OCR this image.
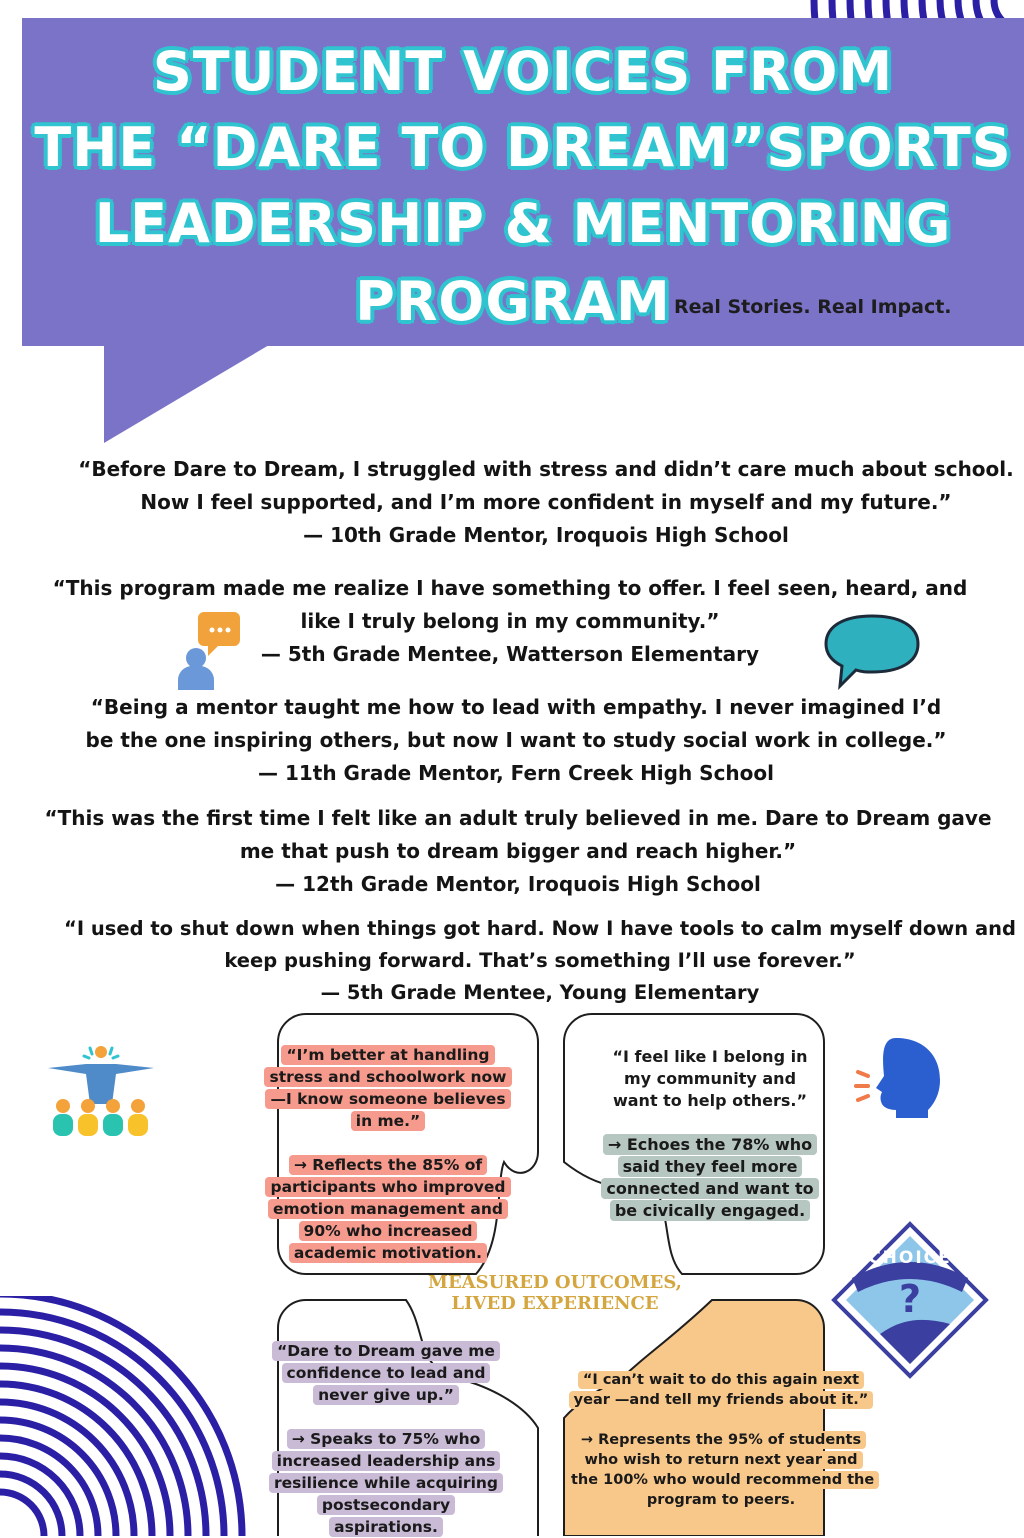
STUDENT VOICES FROM
THE “DARE TO DREAM”SPORTS
LEADERSHIP & MENTORING
PROGRAM Real Stories. Real Impact.
“Before Dare to Dream, I struggled with stress and didn’t care much about school.
Now I feel supported, and I’m more confident in myself and my future.”
— 10th Grade Mentor, Iroquois High School
“This program made me realize I have something to offer. I feel seen, heard, and
like I truly belong in my community.”
— 5th Grade Mentee, Watterson Elementary
“Being a mentor taught me how to lead with empathy. I never imagined I’d
be the one inspiring others, but now I want to study social work in college.”
— 11th Grade Mentor, Fern Creek High School
“This was the first time I felt like an adult truly believed in me. Dare to Dream gave
me that push to dream bigger and reach higher.”
— 12th Grade Mentor, Iroquois High School
“I used to shut down when things got hard. Now I have tools to calm myself down and
keep pushing forward. That’s something I’ll use forever.”
— 5th Grade Mentee, Young Elementary
“I’m better at handling stress and schoolwork now—I know someone believes in me.”
→ Reflects the 85% of participants who improved emotion management and 90% who increased academic motivation.
“I feel like I belong in my community and want to help others.”
→ Echoes the 78% who said they feel more connected and want to be civically engaged.
MEASURED OUTCOMES, LIVED EXPERIENCE
“Dare to Dream gave me confidence to lead and never give up.”
→ Speaks to 75% who increased leadership ans resilience while acquiring postsecondary aspirations.
“I can’t wait to do this again next year —and tell my friends about it.”
→ Represents the 95% of students who wish to return next year and the 100% who would recommend the program to peers.
?
CHOICE
